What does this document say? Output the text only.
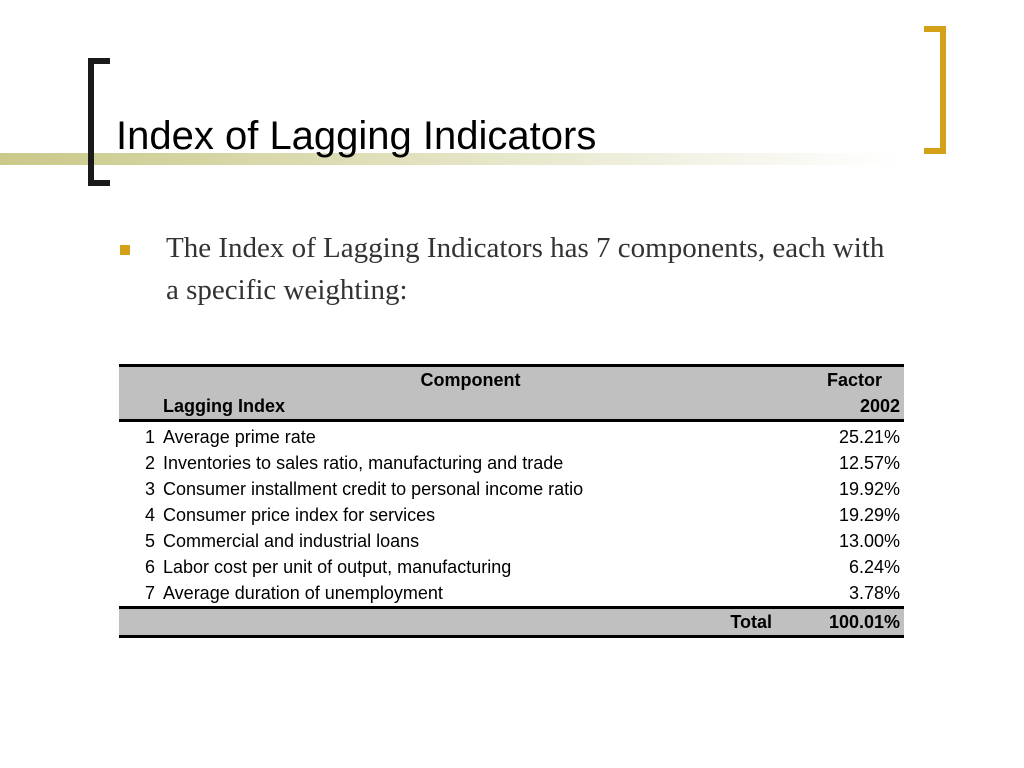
Index of Lagging Indicators

The Index of Lagging Indicators has 7 components, each with a specific weighting:

	Component	Factor
	Lagging Index	2002
1	Average prime rate	25.21%
2	Inventories to sales ratio, manufacturing and trade	12.57%
3	Consumer installment credit to personal income ratio	19.92%
4	Consumer price index for services	19.29%
5	Commercial and industrial loans	13.00%
6	Labor cost per unit of output, manufacturing	6.24%
7	Average duration of unemployment	3.78%
	Total	100.01%
